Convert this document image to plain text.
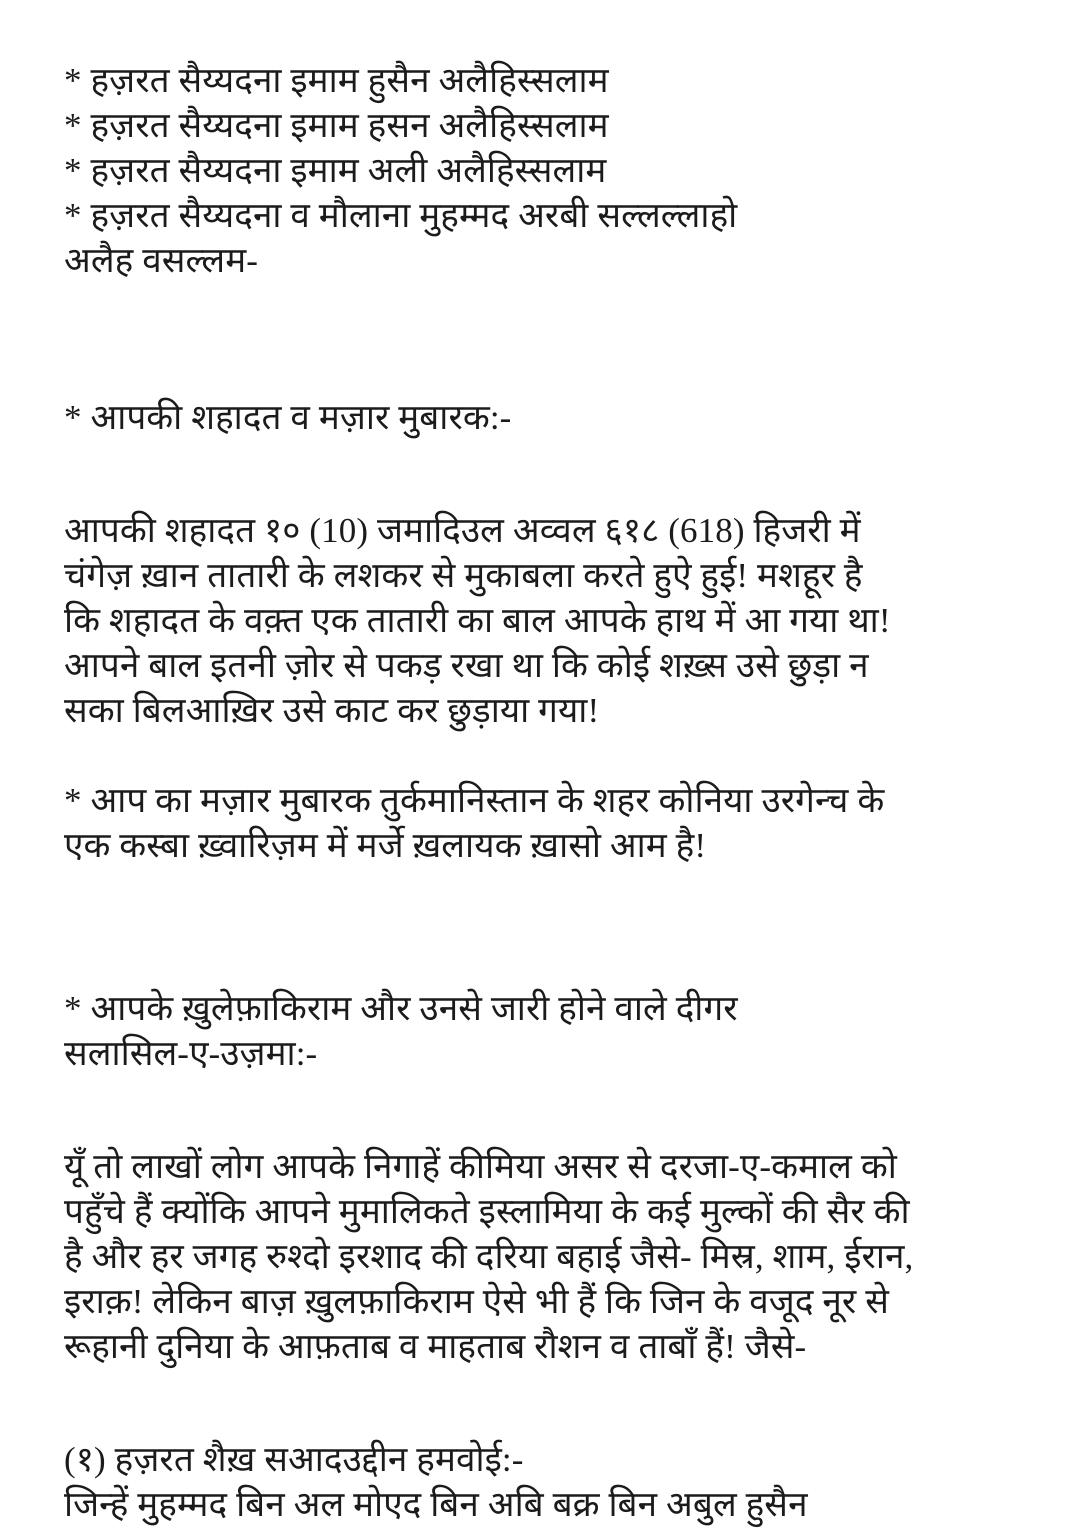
* हज़रत सैय्यदना इमाम हुसैन अलैहिस्सलाम
* हज़रत सैय्यदना इमाम हसन अलैहिस्सलाम
* हज़रत सैय्यदना इमाम अली अलैहिस्सलाम
* हज़रत सैय्यदना व मौलाना मुहम्मद अरबी सल्लल्लाहो
अलैह वसल्लम-
* आपकी शहादत व मज़ार मुबारक:-
आपकी शहादत १० (10) जमादिउल अव्वल ६१८ (618) हिजरी में
चंगेज़ ख़ान तातारी के लशकर से मुकाबला करते हुऐ हुई! मशहूर है
कि शहादत के वक़्त एक तातारी का बाल आपके हाथ में आ गया था!
आपने बाल इतनी ज़ोर से पकड़ रखा था कि कोई शख़्स उसे छुड़ा न
सका बिलआख़िर उसे काट कर छुड़ाया गया!
* आप का मज़ार मुबारक तुर्कमानिस्तान के शहर कोनिया उरगेन्च के
एक कस्बा ख़्वारिज़म में मर्जे ख़लायक ख़ासो आम है!
* आपके ख़ुलेफ़ाकिराम और उनसे जारी होने वाले दीगर
सलासिल-ए-उज़मा:-
यूँ तो लाखों लोग आपके निगाहें कीमिया असर से दरजा-ए-कमाल को
पहुँचे हैं क्योंकि आपने मुमालिकते इस्लामिया के कई मुल्कों की सैर की
है और हर जगह रुश्दो इरशाद की दरिया बहाई जैसे- मिस्र, शाम, ईरान,
इराक़! लेकिन बाज़ ख़ुलफ़ाकिराम ऐसे भी हैं कि जिन के वजूद नूर से
रूहानी दुनिया के आफ़ताब व माहताब रौशन व ताबाँ हैं! जैसे-
(१) हज़रत शैख़ सआदउद्दीन हमवोई:-
जिन्हें मुहम्मद बिन अल मोएद बिन अबि बक्र बिन अबुल हुसैन
